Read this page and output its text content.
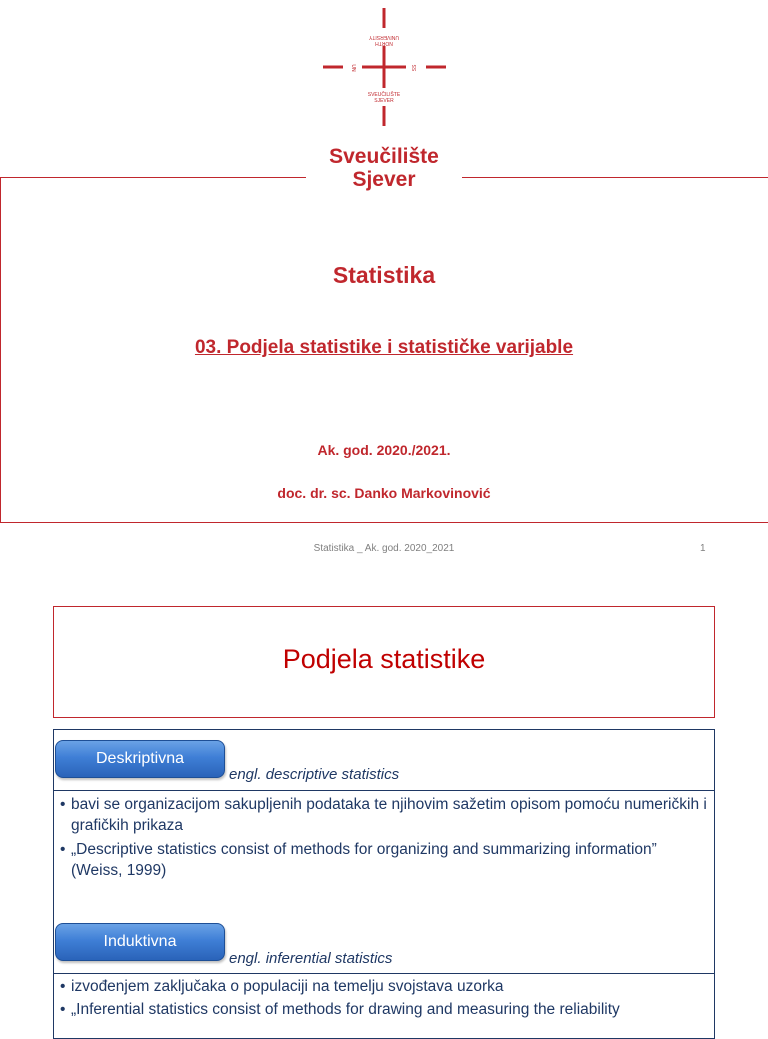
UNIVERSITY
NORTH
SVEUČILIŠTE
SJEVER
UN	SS
Sveučilište
Sjever
Statistika
03. Podjela statistike i statističke varijable
Ak. god. 2020./2021.
doc. dr. sc. Danko Markovinović
Statistika _ Ak. god. 2020_2021	1
Podjela statistike
Deskriptivna
engl. descriptive statistics
• bavi se organizacijom sakupljenih podataka te njihovim sažetim opisom pomoću numeričkih i grafičkih prikaza
• „Descriptive statistics consist of methods for organizing and summarizing information” (Weiss, 1999)
Induktivna
engl. inferential statistics
• izvođenjem zaključaka o populaciji na temelju svojstava uzorka
• „Inferential statistics consist of methods for drawing and measuring the reliability
